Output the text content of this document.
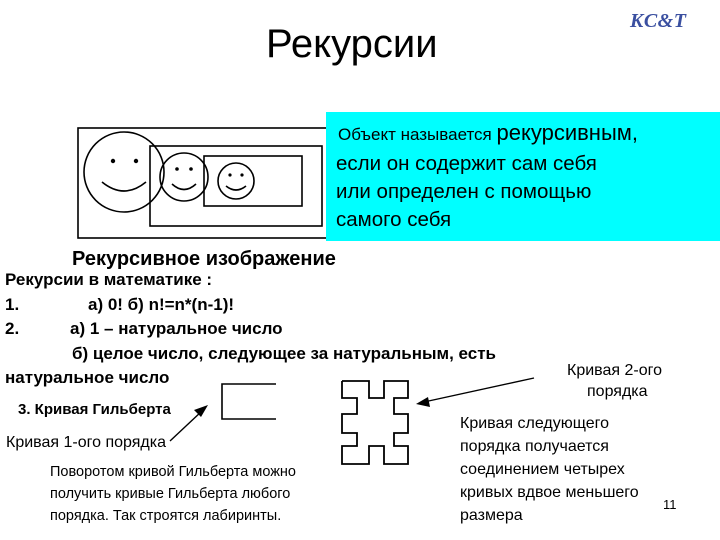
Рекурсии
KC&T
Объект называется рекурсивным,
если он содержит сам себя
или определен с помощью
самого себя
Рекурсивное изображение
Рекурсии в математике :
1.	а) 0! б) n!=n*(n-1)!
2.	а) 1 – натуральное число
б) целое число, следующее за натуральным, есть
натуральное число
3. Кривая Гильберта
Кривая 1-ого порядка
Кривая 2-ого
порядка
Поворотом кривой Гильберта можно
получить кривые Гильберта любого
порядка. Так строятся лабиринты.
Кривая следующего
порядка получается
соединением четырех
кривых вдвое меньшего
размера
11
